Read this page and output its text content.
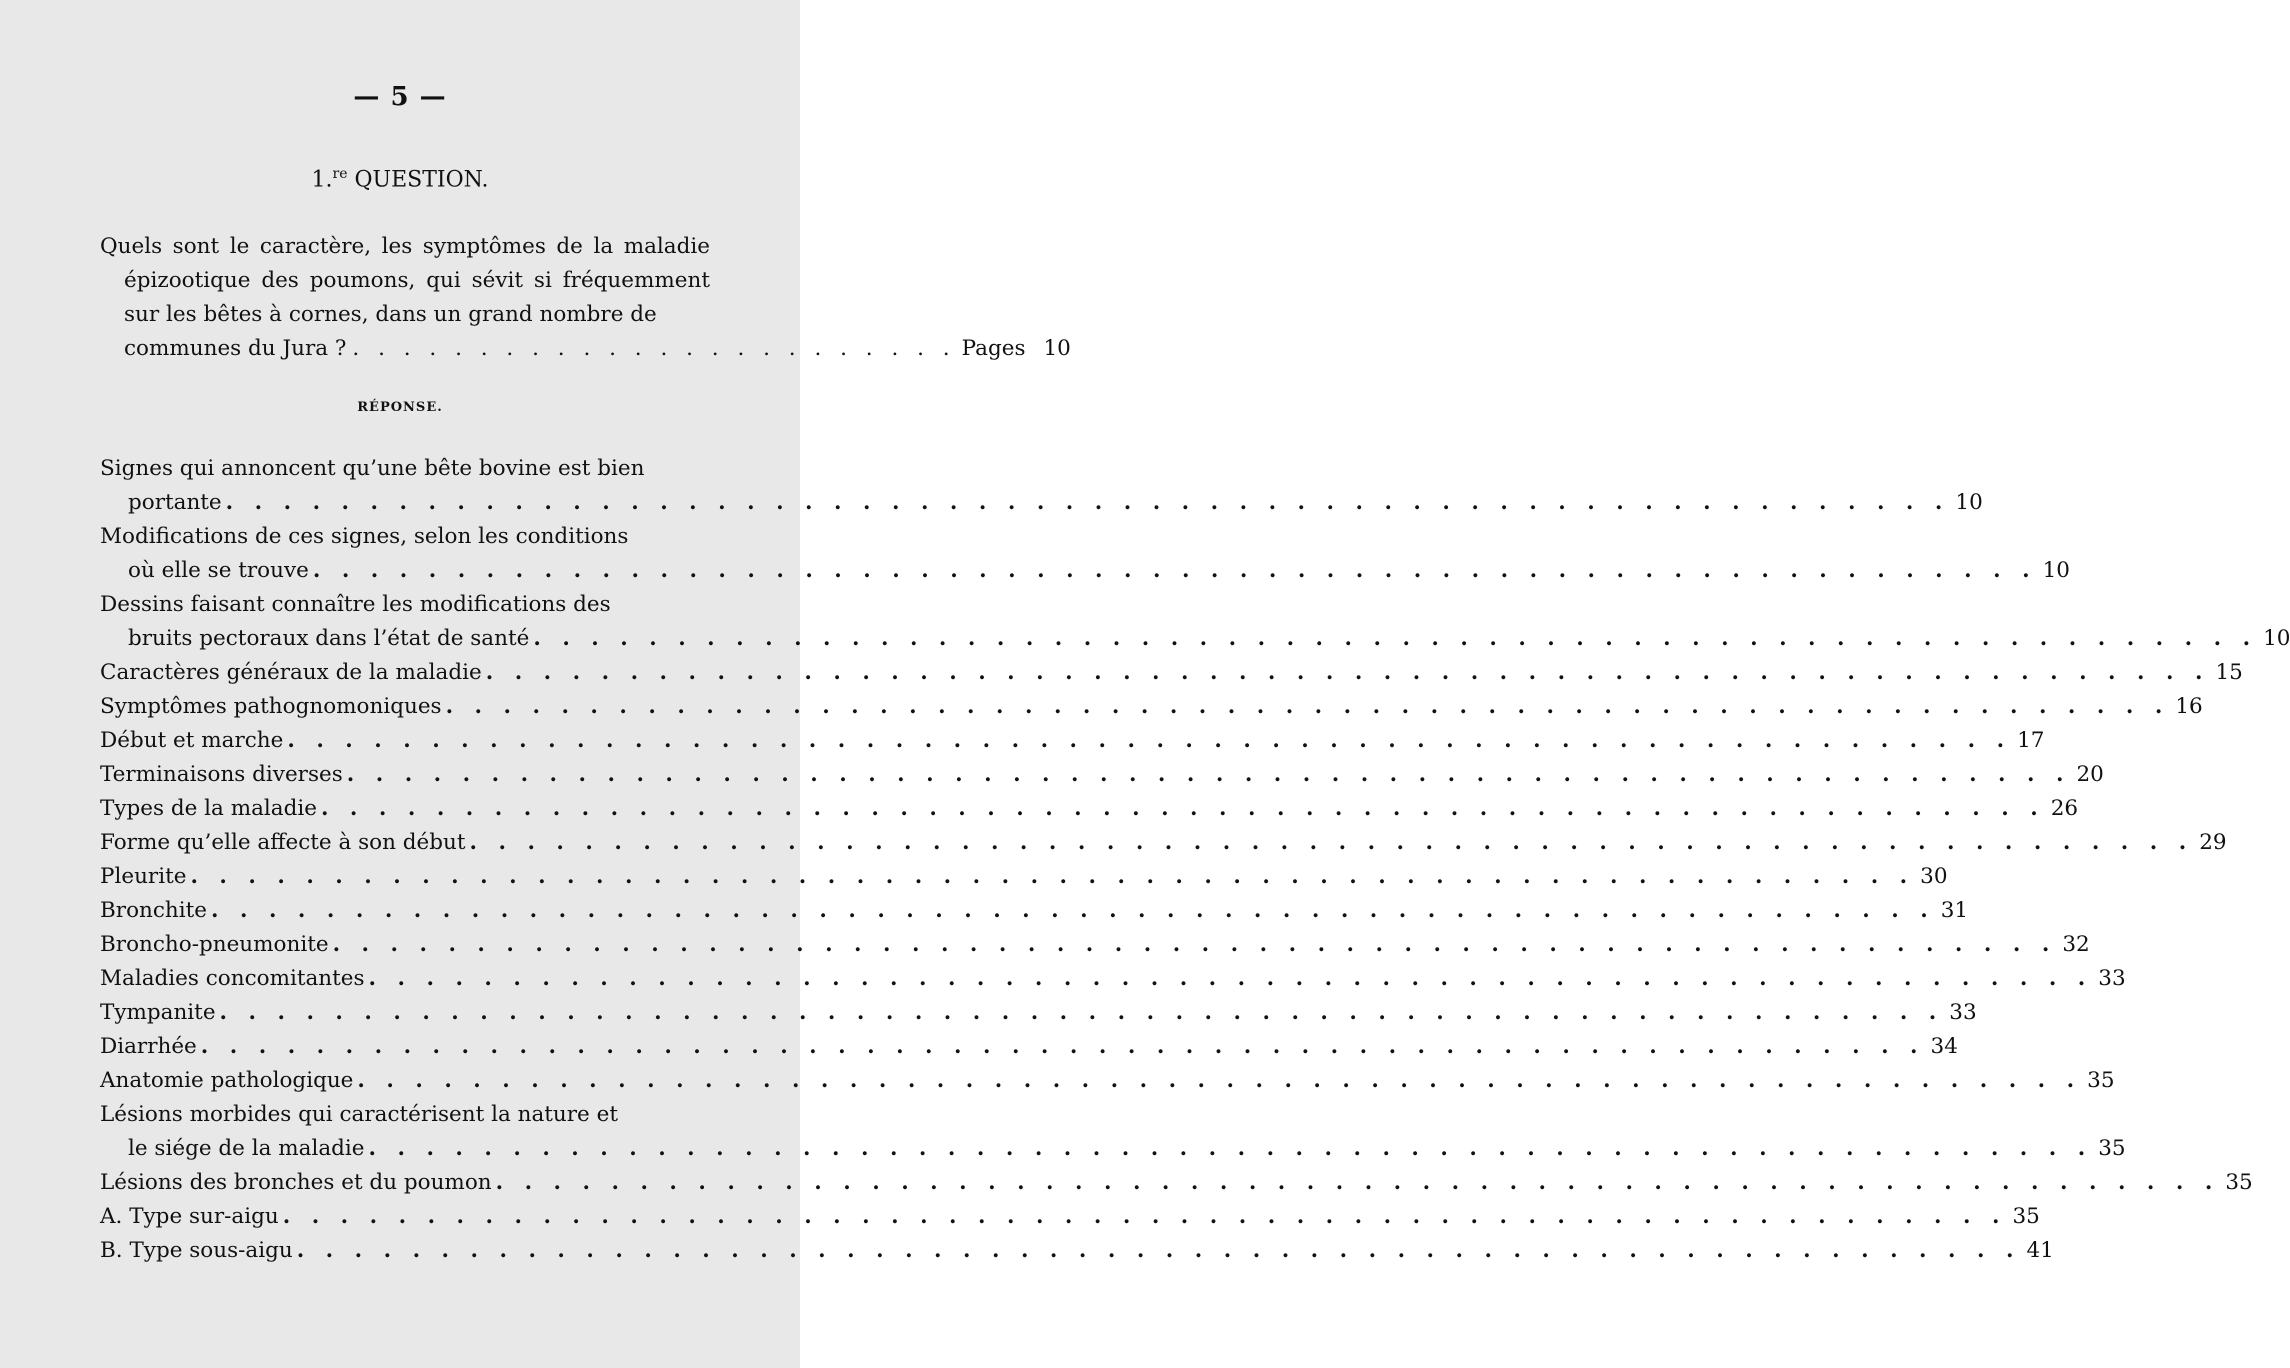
— 5 —
1.$^{re}$ QUESTION.

Quels sont le caractère, les symptômes de la maladie épizootique des poumons, qui sévit si fréquemment sur les bêtes à cornes, dans un grand nombre de

communes du Jura ? . . . . . . . . . . . . . . . . . . . . . . . . Pages 10
RÉPONSE.
Signes qui annoncent qu’une bête bovine est bien
portante . . . . . . . . . . . . . . . . . . . . . . . . . . . . . . . . . . . . . . . . . . . . . . . . . . . . . . . . . . . . 10
Modifications de ces signes, selon les conditions
où elle se trouve . . . . . . . . . . . . . . . . . . . . . . . . . . . . . . . . . . . . . . . . . . . . . . . . . . . . . . . . . . . . 10
Dessins faisant connaître les modifications des
bruits pectoraux dans l’état de santé . . . . . . . . . . . . . . . . . . . . . . . . . . . . . . . . . . . . . . . . . . . . . . . . . . . . . . . . . . . . 10
Caractères généraux de la maladie . . . . . . . . . . . . . . . . . . . . . . . . . . . . . . . . . . . . . . . . . . . . . . . . . . . . . . . . . . . . 15
Symptômes pathognomoniques . . . . . . . . . . . . . . . . . . . . . . . . . . . . . . . . . . . . . . . . . . . . . . . . . . . . . . . . . . . . 16
Début et marche . . . . . . . . . . . . . . . . . . . . . . . . . . . . . . . . . . . . . . . . . . . . . . . . . . . . . . . . . . . . 17
Terminaisons diverses . . . . . . . . . . . . . . . . . . . . . . . . . . . . . . . . . . . . . . . . . . . . . . . . . . . . . . . . . . . . 20
Types de la maladie . . . . . . . . . . . . . . . . . . . . . . . . . . . . . . . . . . . . . . . . . . . . . . . . . . . . . . . . . . . . 26
Forme qu’elle affecte à son début . . . . . . . . . . . . . . . . . . . . . . . . . . . . . . . . . . . . . . . . . . . . . . . . . . . . . . . . . . . . 29
Pleurite . . . . . . . . . . . . . . . . . . . . . . . . . . . . . . . . . . . . . . . . . . . . . . . . . . . . . . . . . . . . 30
Bronchite . . . . . . . . . . . . . . . . . . . . . . . . . . . . . . . . . . . . . . . . . . . . . . . . . . . . . . . . . . . . 31
Broncho-pneumonite . . . . . . . . . . . . . . . . . . . . . . . . . . . . . . . . . . . . . . . . . . . . . . . . . . . . . . . . . . . . 32
Maladies concomitantes . . . . . . . . . . . . . . . . . . . . . . . . . . . . . . . . . . . . . . . . . . . . . . . . . . . . . . . . . . . . 33
Tympanite . . . . . . . . . . . . . . . . . . . . . . . . . . . . . . . . . . . . . . . . . . . . . . . . . . . . . . . . . . . . 33
Diarrhée . . . . . . . . . . . . . . . . . . . . . . . . . . . . . . . . . . . . . . . . . . . . . . . . . . . . . . . . . . . . 34
Anatomie pathologique . . . . . . . . . . . . . . . . . . . . . . . . . . . . . . . . . . . . . . . . . . . . . . . . . . . . . . . . . . . . 35
Lésions morbides qui caractérisent la nature et
le siége de la maladie . . . . . . . . . . . . . . . . . . . . . . . . . . . . . . . . . . . . . . . . . . . . . . . . . . . . . . . . . . . . 35
Lésions des bronches et du poumon . . . . . . . . . . . . . . . . . . . . . . . . . . . . . . . . . . . . . . . . . . . . . . . . . . . . . . . . . . . . 35
A. Type sur-aigu . . . . . . . . . . . . . . . . . . . . . . . . . . . . . . . . . . . . . . . . . . . . . . . . . . . . . . . . . . . . 35
B. Type sous-aigu . . . . . . . . . . . . . . . . . . . . . . . . . . . . . . . . . . . . . . . . . . . . . . . . . . . . . . . . . . . . 41
